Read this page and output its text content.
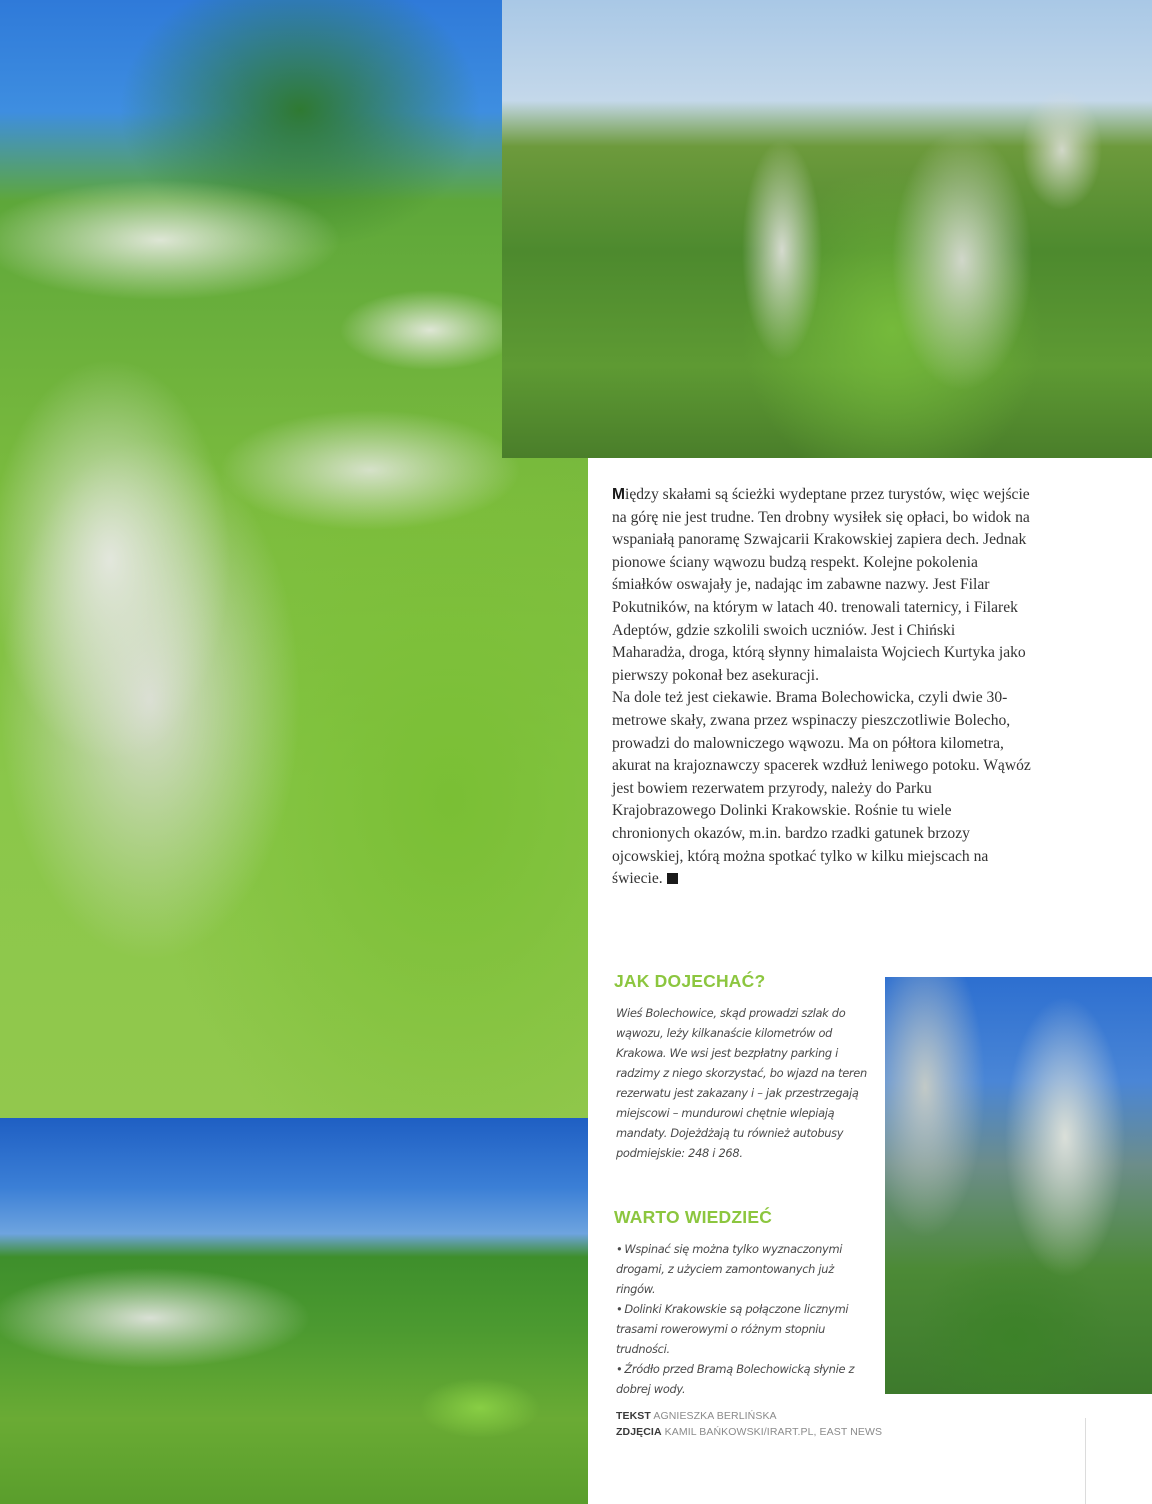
Między skałami są ścieżki wydeptane przez turystów, więc wejście na górę nie jest trudne. Ten drobny wysiłek się opłaci, bo widok na wspaniałą panoramę Szwajcarii Krakowskiej zapiera dech. Jednak pionowe ściany wąwozu budzą respekt. Kolejne pokolenia śmiałków oswajały je, nadając im zabawne nazwy. Jest Filar Pokutników, na którym w latach 40. trenowali taternicy, i Filarek Adeptów, gdzie szkolili swoich uczniów. Jest i Chiński Maharadża, droga, którą słynny himalaista Wojciech Kurtyka jako pierwszy pokonał bez asekuracji.

Na dole też jest ciekawie. Brama Bolechowicka, czyli dwie 30-metrowe skały, zwana przez wspinaczy pieszczotliwie Bolecho, prowadzi do malowniczego wąwozu. Ma on półtora kilometra, akurat na krajoznawczy spacerek wzdłuż leniwego potoku. Wąwóz jest bowiem rezerwatem przyrody, należy do Parku Krajobrazowego Dolinki Krakowskie. Rośnie tu wiele chronionych okazów, m.in. bardzo rzadki gatunek brzozy ojcowskiej, którą można spotkać tylko w kilku miejscach na świecie.

JAK DOJECHAĆ?
Wieś Bolechowice, skąd prowadzi szlak do wąwozu, leży kilkanaście kilometrów od Krakowa. We wsi jest bezpłatny parking i radzimy z niego skorzystać, bo wjazd na teren rezerwatu jest zakazany i – jak przestrzegają miejscowi – mundurowi chętnie wlepiają mandaty. Dojeżdżają tu również autobusy podmiejskie: 248 i 268.
WARTO WIEDZIEĆ
• Wspinać się można tylko wyznaczonymi drogami, z użyciem zamontowanych już ringów.
• Dolinki Krakowskie są połączone licznymi trasami rowerowymi o różnym stopniu trudności.
• Źródło przed Bramą Bolechowicką słynie z dobrej wody.
TEKST AGNIESZKA BERLIŃSKA
ZDJĘCIA KAMIL BAŃKOWSKI/IRART.PL, EAST NEWS
